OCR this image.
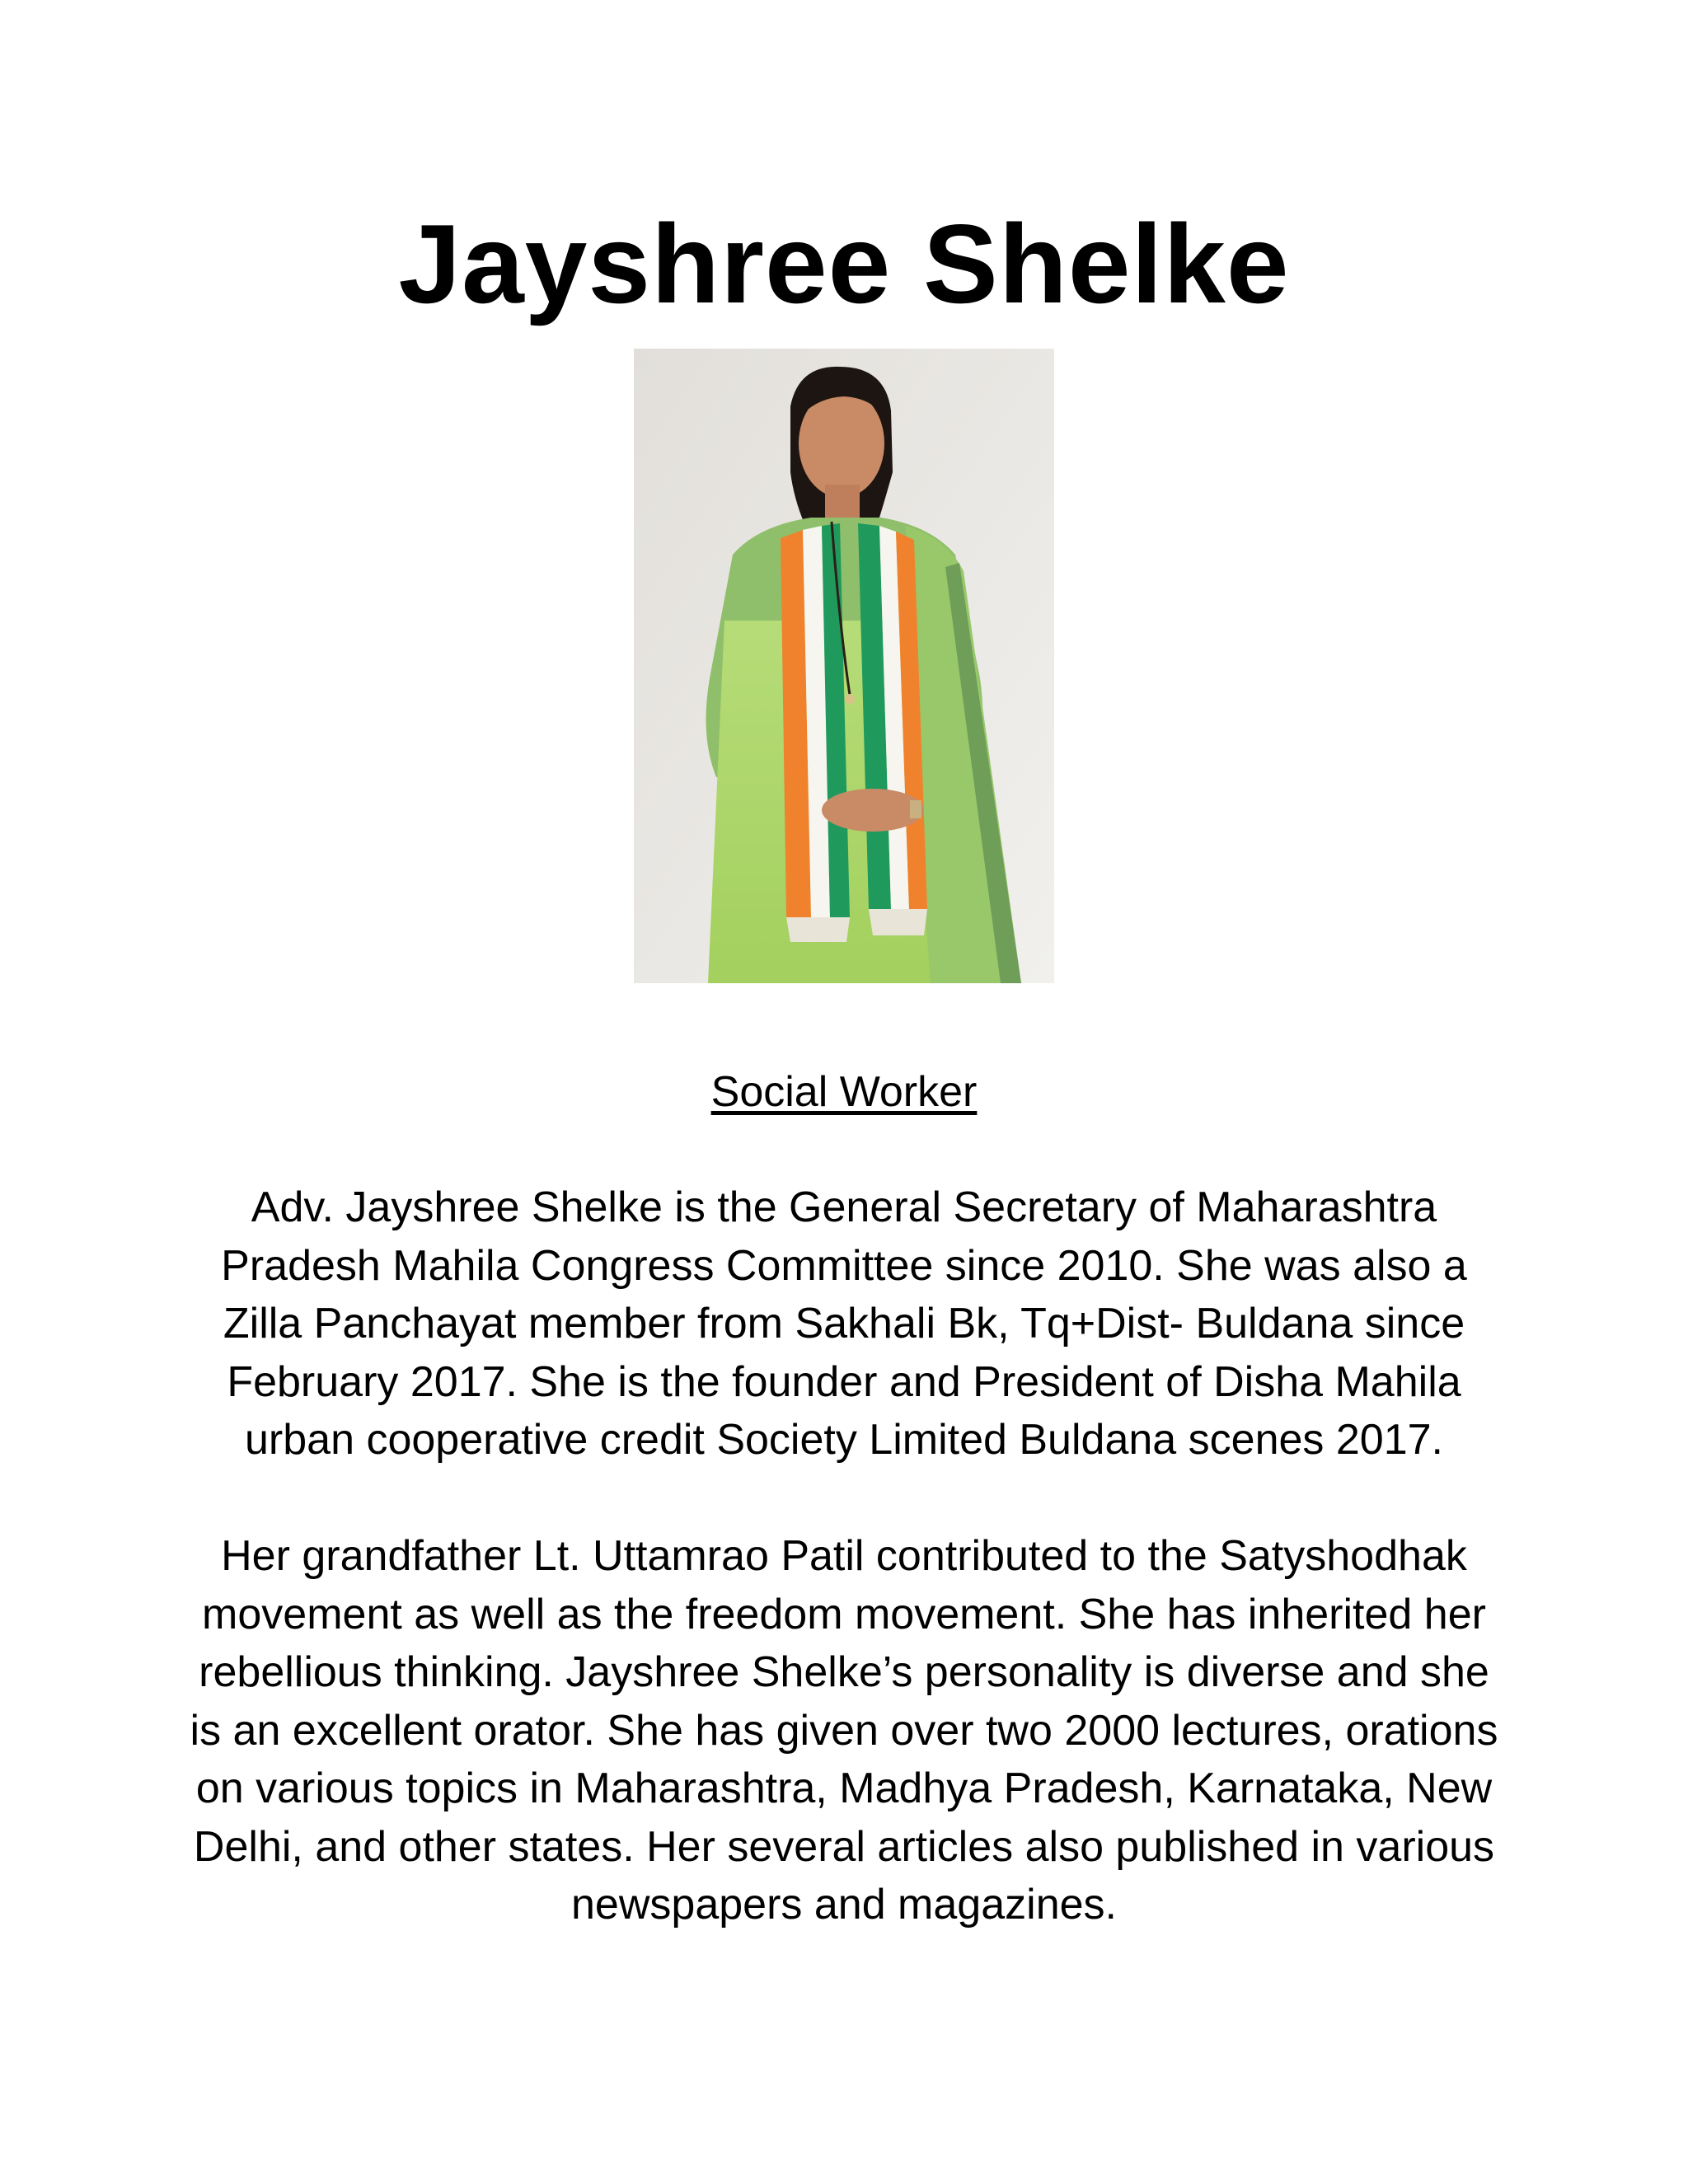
Jayshree Shelke

Social Worker

Adv. Jayshree Shelke is the General Secretary of Maharashtra Pradesh Mahila Congress Committee since 2010. She was also a Zilla Panchayat member from Sakhali Bk, Tq+Dist- Buldana since February 2017. She is the founder and President of Disha Mahila urban cooperative credit Society Limited Buldana scenes 2017.

Her grandfather Lt. Uttamrao Patil contributed to the Satyshodhak movement as well as the freedom movement. She has inherited her rebellious thinking. Jayshree Shelke’s personality is diverse and she is an excellent orator. She has given over two 2000 lectures, orations on various topics in Maharashtra, Madhya Pradesh, Karnataka, New Delhi, and other states. Her several articles also published in various newspapers and magazines.
